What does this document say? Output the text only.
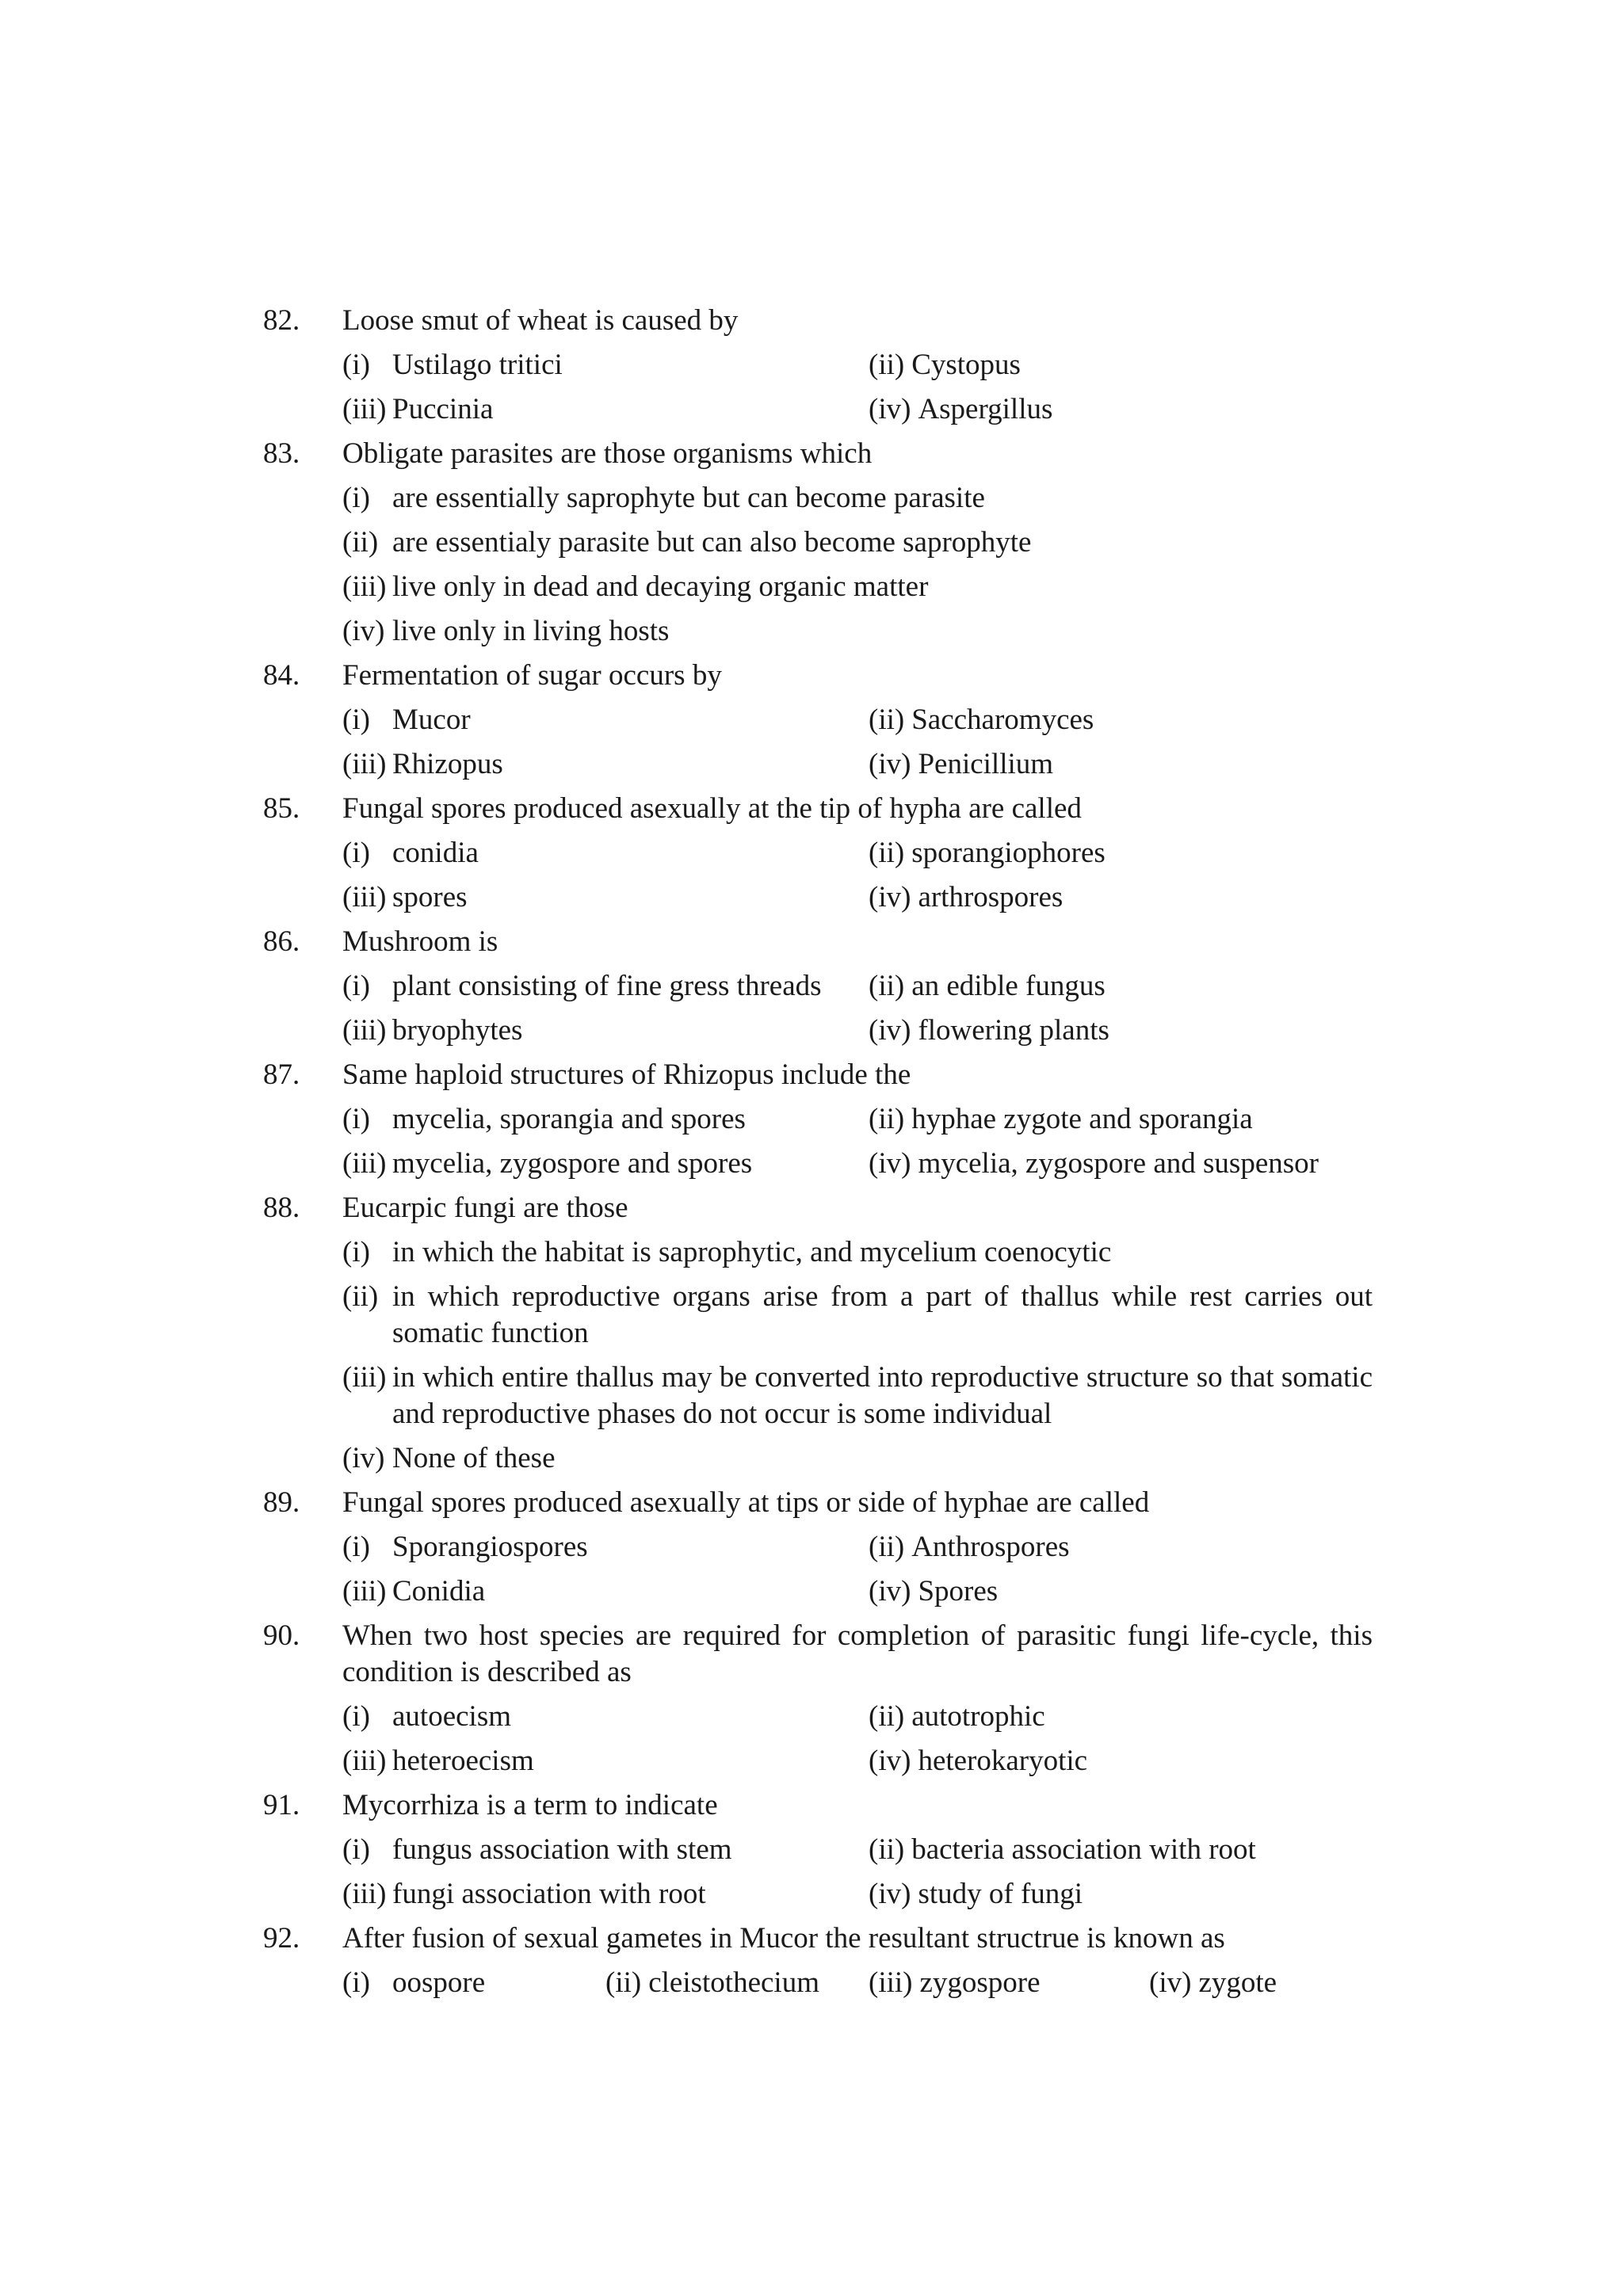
82. Loose smut of wheat is caused by
(i) Ustilago tritici	(ii) Cystopus
(iii) Puccinia	(iv) Aspergillus
83. Obligate parasites are those organisms which
(i) are essentially saprophyte but can become parasite
(ii) are essentialy parasite but can also become saprophyte
(iii) live only in dead and decaying organic matter
(iv) live only in living hosts
84. Fermentation of sugar occurs by
(i) Mucor	(ii) Saccharomyces
(iii) Rhizopus	(iv) Penicillium
85. Fungal spores produced asexually at the tip of hypha are called
(i) conidia	(ii) sporangiophores
(iii) spores	(iv) arthrospores
86. Mushroom is
(i) plant consisting of fine gress threads	(ii) an edible fungus
(iii) bryophytes	(iv) flowering plants
87. Same haploid structures of Rhizopus include the
(i) mycelia, sporangia and spores	(ii) hyphae zygote and sporangia
(iii) mycelia, zygospore and spores	(iv) mycelia, zygospore and suspensor
88. Eucarpic fungi are those
(i) in which the habitat is saprophytic, and mycelium coenocytic
(ii) in which reproductive organs arise from a part of thallus while rest carries out somatic function
(iii) in which entire thallus may be converted into reproductive structure so that somatic and reproductive phases do not occur is some individual
(iv) None of these
89. Fungal spores produced asexually at tips or side of hyphae are called
(i) Sporangiospores	(ii) Anthrospores
(iii) Conidia	(iv) Spores
90. When two host species are required for completion of parasitic fungi life-cycle, this condition is described as
(i) autoecism	(ii) autotrophic
(iii) heteroecism	(iv) heterokaryotic
91. Mycorrhiza is a term to indicate
(i) fungus association with stem	(ii) bacteria association with root
(iii) fungi association with root	(iv) study of fungi
92. After fusion of sexual gametes in Mucor the resultant structrue is known as
(i) oospore	(ii) cleistothecium	(iii) zygospore	(iv) zygote
